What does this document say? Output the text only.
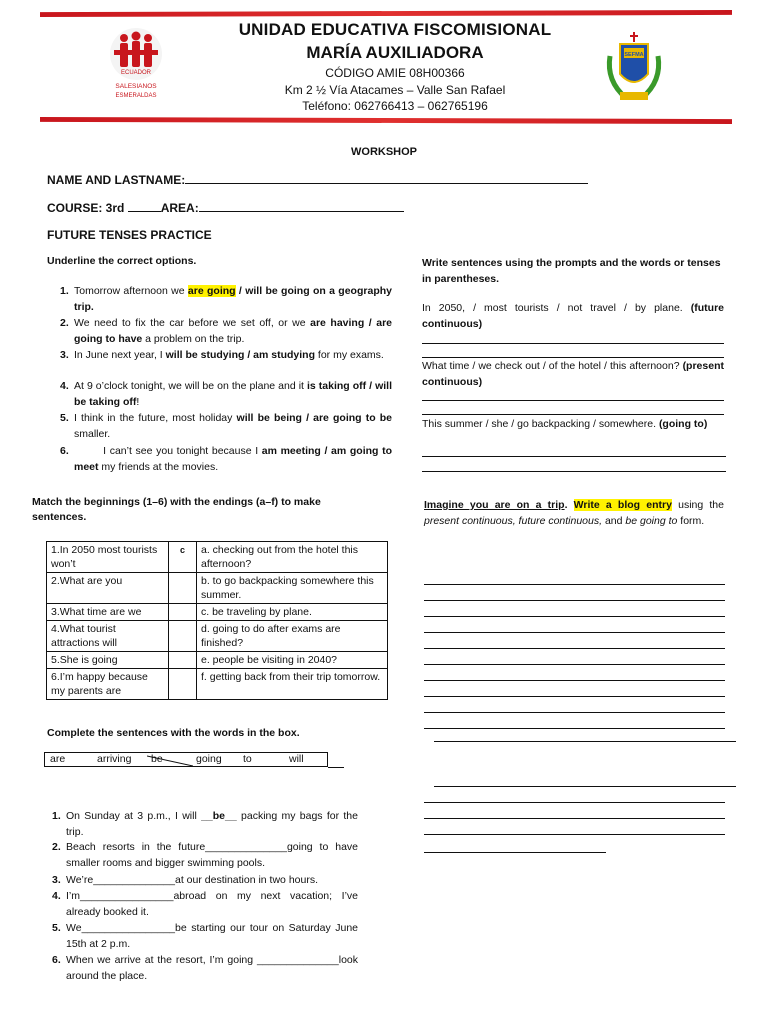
ECUADOR
SALESIANOS
ESMERALDAS
UNIDAD EDUCATIVA FISCOMISIONAL
MARÍA AUXILIADORA
CÓDIGO AMIE 08H00366
Km 2 ½ Vía Atacames – Valle San Rafael
Teléfono: 062766413 – 062765196
SEFMA
WORKSHOP
NAME AND LASTNAME:
COURSE: 3rd	AREA:
FUTURE TENSES PRACTICE
Underline the correct options.
1. Tomorrow afternoon we are going / will be going on a geography trip.
2. We need to fix the car before we set off, or we are having / are going to have a problem on the trip.
3. In June next year, I will be studying / am studying for my exams.
4. At 9 o’clock tonight, we will be on the plane and it is taking off / will be taking off!
5. I think in the future, most holiday will be being / are going to be smaller.
6. I can’t see you tonight because I am meeting / am going to meet my friends at the movies.
Match the beginnings (1–6) with the endings (a–f) to make sentences.
1.In 2050 most tourists won’t	c	a. checking out from the hotel this afternoon?
2.What are you		b. to go backpacking somewhere this summer.
3.What time are we		c. be traveling by plane.
4.What tourist attractions will		d. going to do after exams are finished?
5.She is going		e. people be visiting in 2040?
6.I’m happy because my parents are		f. getting back from their trip tomorrow.
Complete the sentences with the words in the box.
are	arriving be	going to	will
1. On Sunday at 3 p.m., I will __be__ packing my bags for the trip.
2. Beach resorts in the future______________going to have smaller rooms and bigger swimming pools.
3. We’re______________at our destination in two hours.
4. I’m________________abroad on my next vacation; I’ve already booked it.
5. We________________be starting our tour on Saturday June 15th at 2 p.m.
6. When we arrive at the resort, I’m going ______________look around the place.
Write sentences using the prompts and the words or tenses in parentheses.
In 2050, / most tourists / not travel / by plane. (future continuous)
What time / we check out / of the hotel / this afternoon? (present continuous)
This summer / she / go backpacking / somewhere. (going to)
Imagine you are on a trip. Write a blog entry using the present continuous, future continuous, and be going to form.
